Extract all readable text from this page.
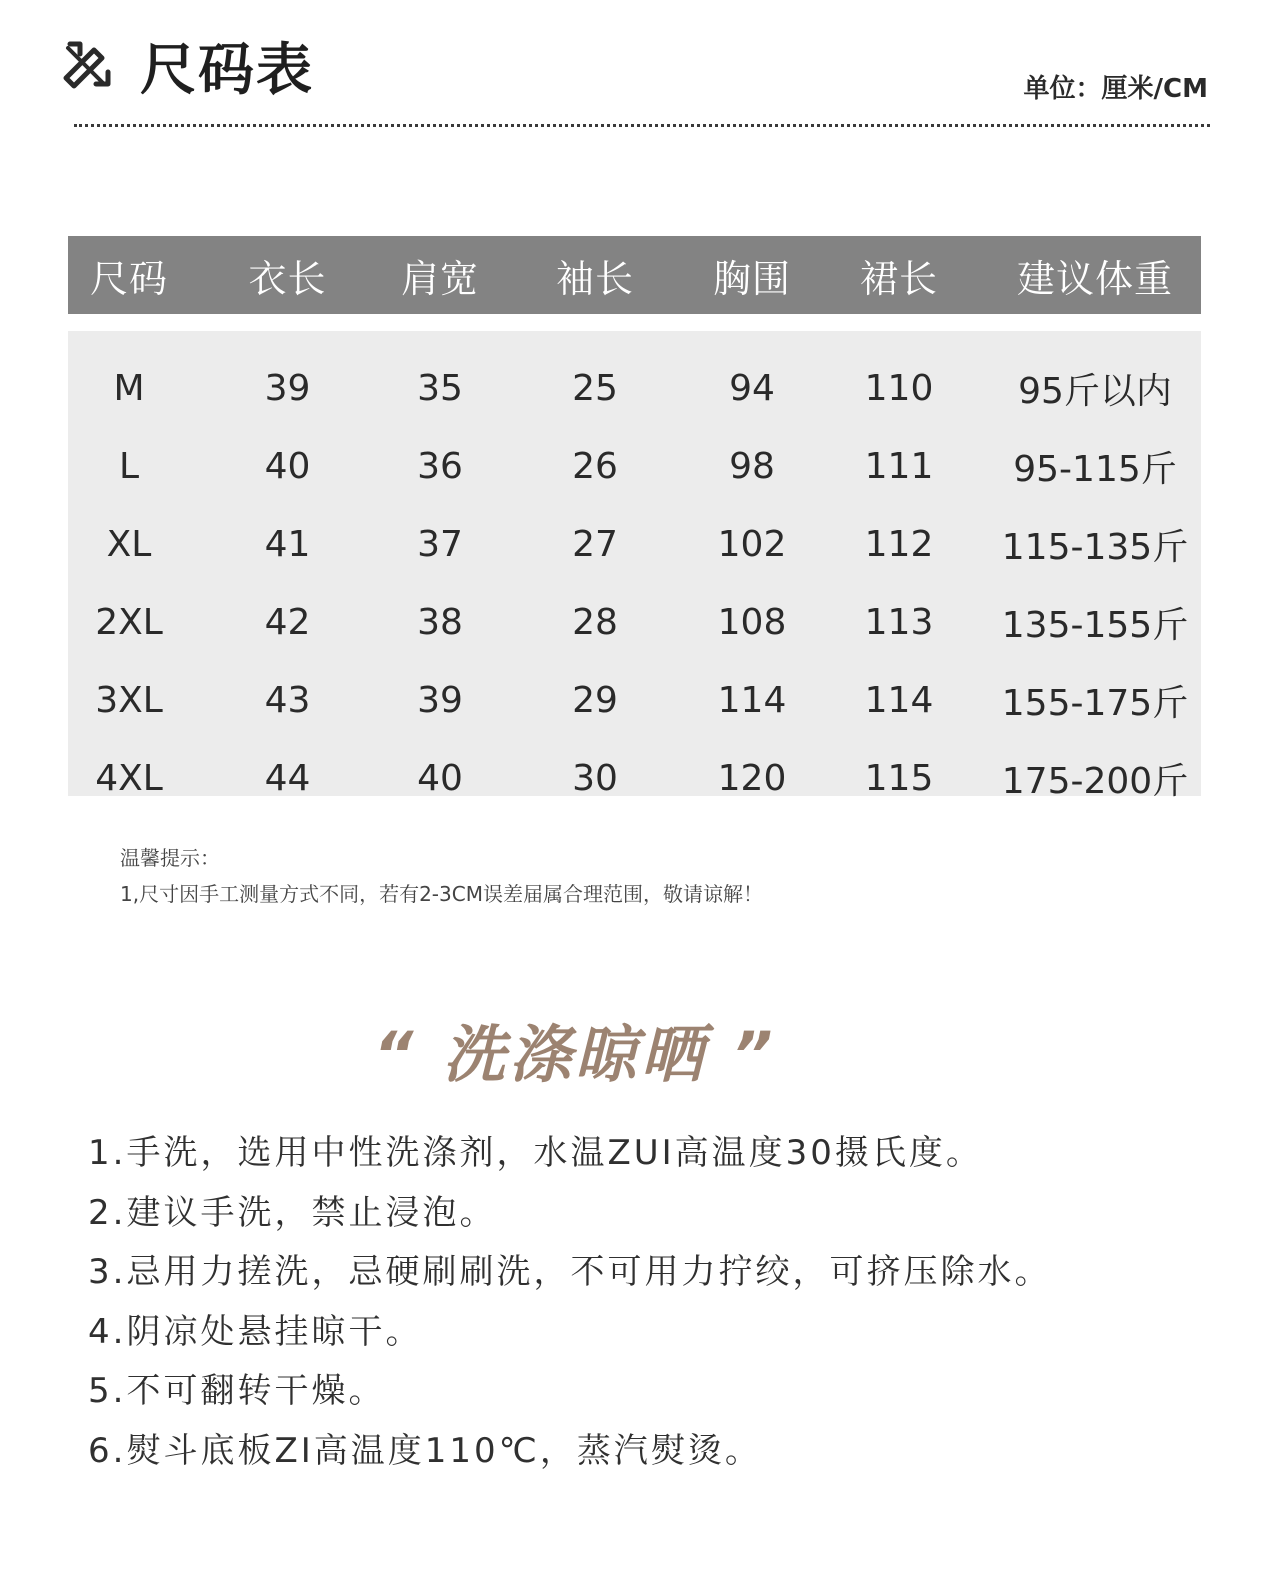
尺码表	单位：厘米/CM
尺码	衣长	肩宽	袖长	胸围	裙长	建议体重
M	39	35	25	94	110	95斤以内
L	40	36	26	98	111	95-115斤
XL	41	37	27	102	112	115-135斤
2XL	42	38	28	108	113	135-155斤
3XL	43	39	29	114	114	155-175斤
4XL	44	40	30	120	115	175-200斤
温馨提示：
1,尺寸因手工测量方式不同，若有2-3CM误差届属合理范围，敬请谅解！
“ 洗涤晾晒 ”
1.手洗，选用中性洗涤剂，水温ZUI高温度30摄氏度。
2.建议手洗，禁止浸泡。
3.忌用力搓洗，忌硬刷刷洗，不可用力拧绞，可挤压除水。
4.阴凉处悬挂晾干。
5.不可翻转干燥。
6.熨斗底板ZI高温度110℃，蒸汽熨烫。
